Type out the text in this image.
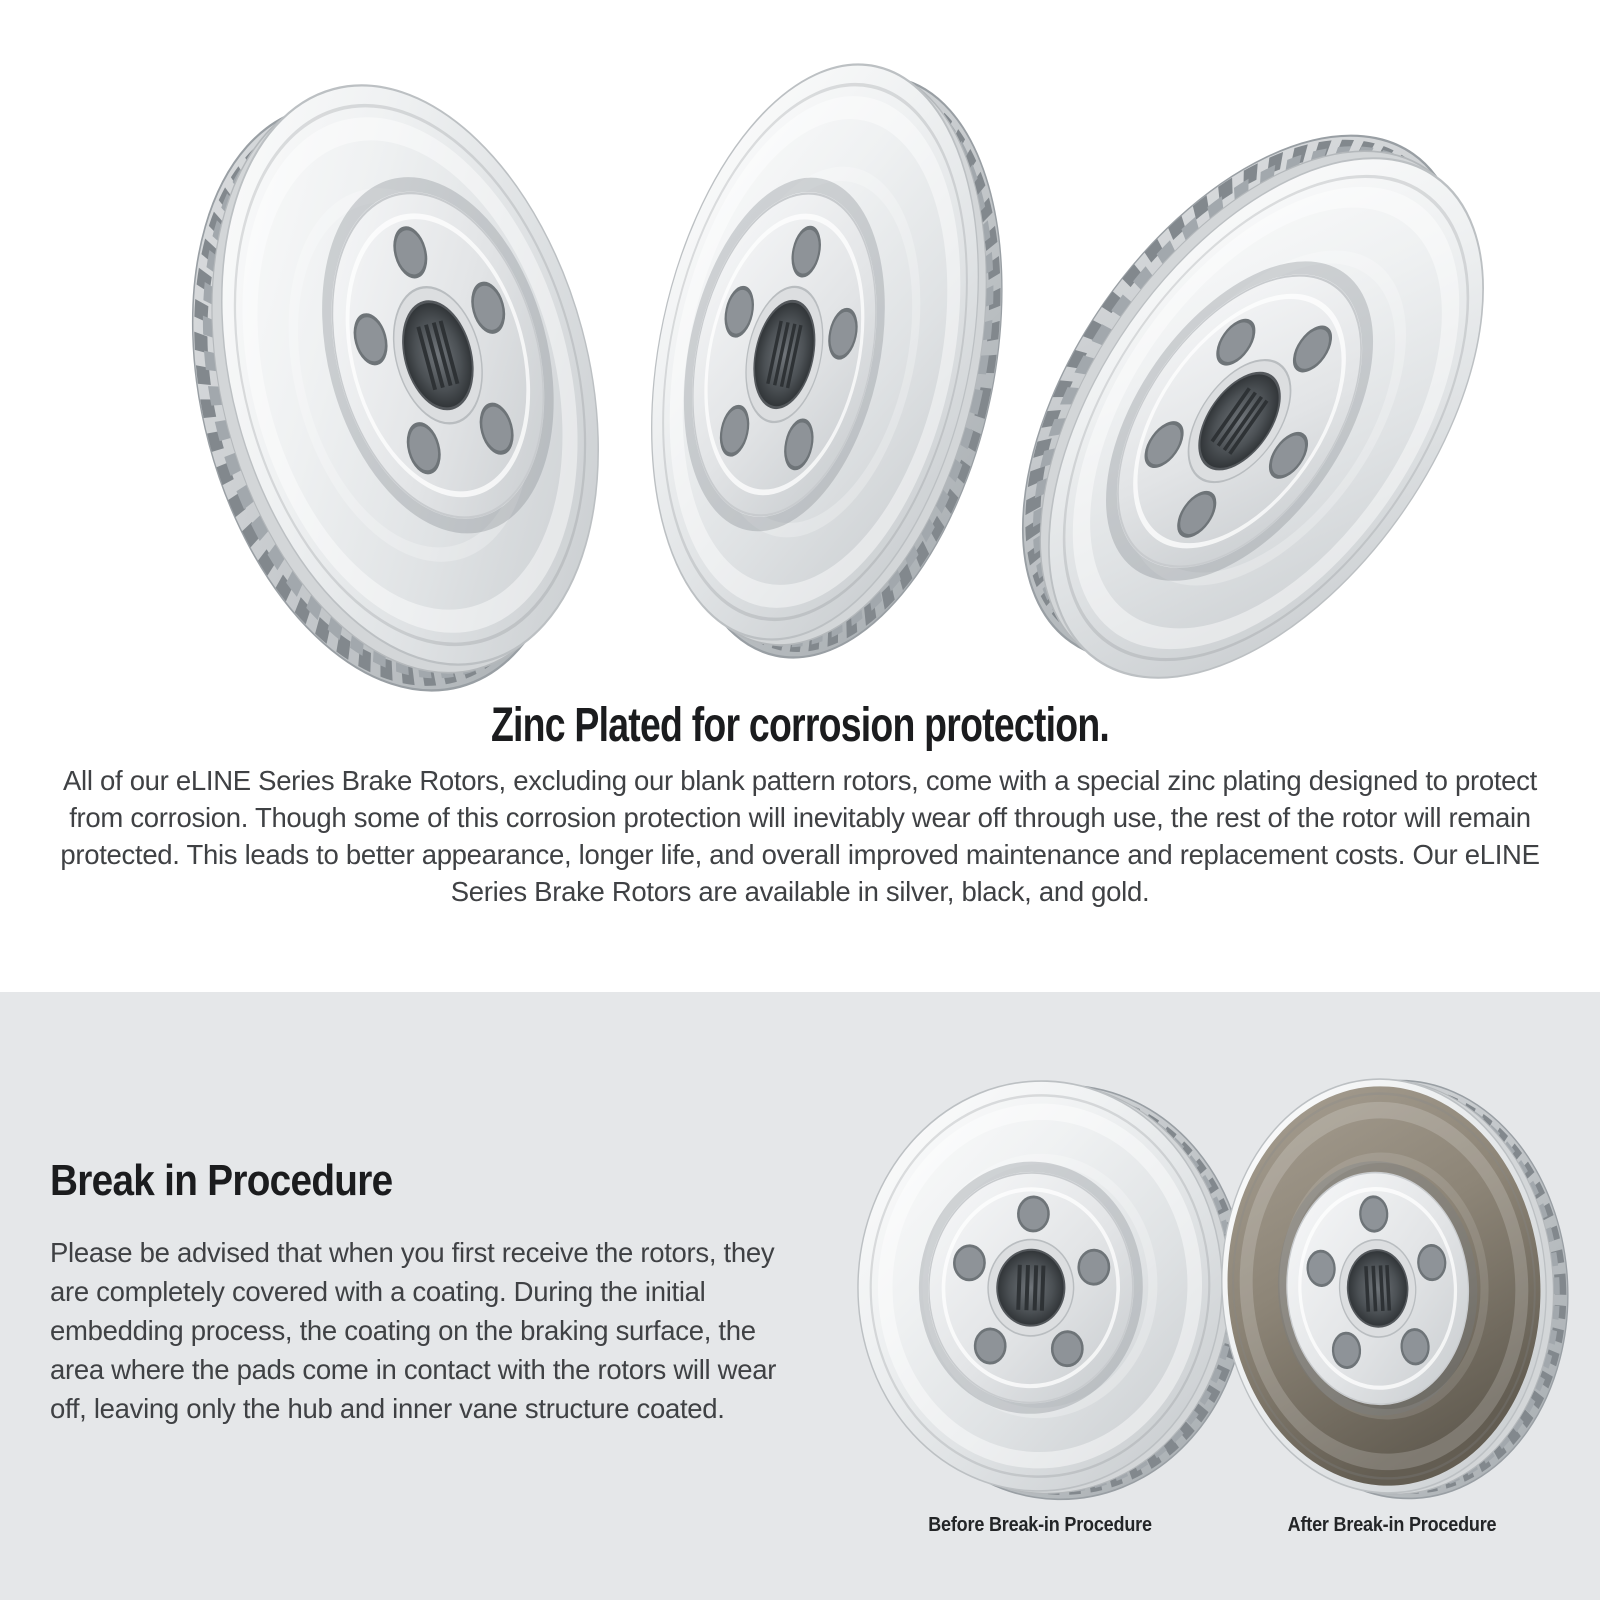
Zinc Plated for corrosion protection.
All of our eLINE Series Brake Rotors, excluding our blank pattern rotors, come with a special zinc plating designed to protect from corrosion. Though some of this corrosion protection will inevitably wear off through use, the rest of the rotor will remain protected. This leads to better appearance, longer life, and overall improved maintenance and replacement costs. Our eLINE Series Brake Rotors are available in silver, black, and gold.
Break in Procedure
Please be advised that when you first receive the rotors, they are completely covered with a coating. During the initial embedding process, the coating on the braking surface, the area where the pads come in contact with the rotors will wear off, leaving only the hub and inner vane structure coated.
Before Break-in Procedure	After Break-in Procedure
